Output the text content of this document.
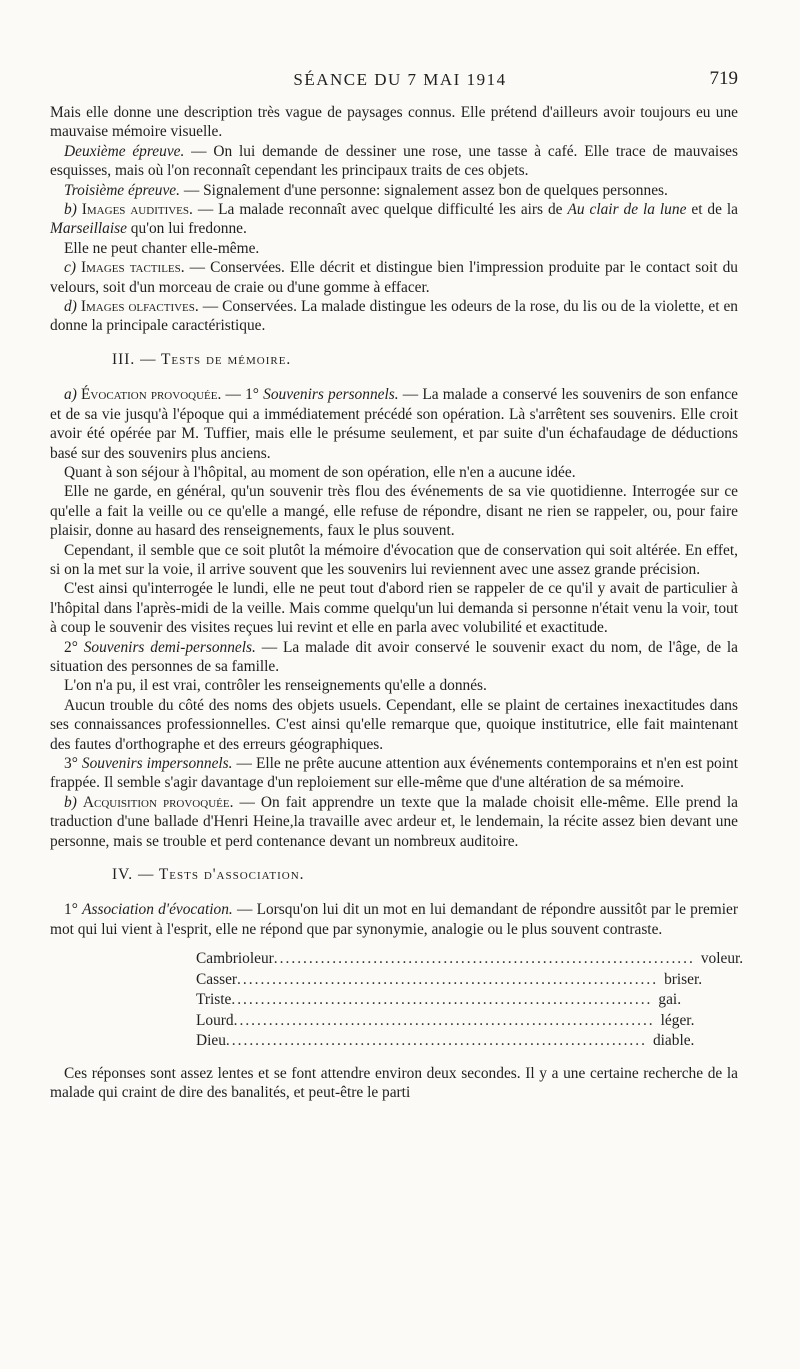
SÉANCE DU 7 MAI 1914	719

Mais elle donne une description très vague de paysages connus. Elle prétend d'ailleurs avoir toujours eu une mauvaise mémoire visuelle.

Deuxième épreuve. — On lui demande de dessiner une rose, une tasse à café. Elle trace de mauvaises esquisses, mais où l'on reconnaît cependant les principaux traits de ces objets.

Troisième épreuve. — Signalement d'une personne: signalement assez bon de quelques personnes.

b) Images auditives. — La malade reconnaît avec quelque difficulté les airs de Au clair de la lune et de la Marseillaise qu'on lui fredonne.

Elle ne peut chanter elle-même.

c) Images tactiles. — Conservées. Elle décrit et distingue bien l'impression produite par le contact soit du velours, soit d'un morceau de craie ou d'une gomme à effacer.

d) Images olfactives. — Conservées. La malade distingue les odeurs de la rose, du lis ou de la violette, et en donne la principale caractéristique.

III. — Tests de mémoire.

a) Évocation provoquée. — 1° Souvenirs personnels. — La malade a conservé les souvenirs de son enfance et de sa vie jusqu'à l'époque qui a immédiatement précédé son opération. Là s'arrêtent ses souvenirs. Elle croit avoir été opérée par M. Tuffier, mais elle le présume seulement, et par suite d'un échafaudage de déductions basé sur des souvenirs plus anciens.

Quant à son séjour à l'hôpital, au moment de son opération, elle n'en a aucune idée.

Elle ne garde, en général, qu'un souvenir très flou des événements de sa vie quotidienne. Interrogée sur ce qu'elle a fait la veille ou ce qu'elle a mangé, elle refuse de répondre, disant ne rien se rappeler, ou, pour faire plaisir, donne au hasard des renseignements, faux le plus souvent.

Cependant, il semble que ce soit plutôt la mémoire d'évocation que de conservation qui soit altérée. En effet, si on la met sur la voie, il arrive souvent que les souvenirs lui reviennent avec une assez grande précision.

C'est ainsi qu'interrogée le lundi, elle ne peut tout d'abord rien se rappeler de ce qu'il y avait de particulier à l'hôpital dans l'après-midi de la veille. Mais comme quelqu'un lui demanda si personne n'était venu la voir, tout à coup le souvenir des visites reçues lui revint et elle en parla avec volubilité et exactitude.

2° Souvenirs demi-personnels. — La malade dit avoir conservé le souvenir exact du nom, de l'âge, de la situation des personnes de sa famille.

L'on n'a pu, il est vrai, contrôler les renseignements qu'elle a donnés.

Aucun trouble du côté des noms des objets usuels. Cependant, elle se plaint de certaines inexactitudes dans ses connaissances professionnelles. C'est ainsi qu'elle remarque que, quoique institutrice, elle fait maintenant des fautes d'orthographe et des erreurs géographiques.

3° Souvenirs impersonnels. — Elle ne prête aucune attention aux événements contemporains et n'en est point frappée. Il semble s'agir davantage d'un reploiement sur elle-même que d'une altération de sa mémoire.

b) Acquisition provoquée. — On fait apprendre un texte que la malade choisit elle-même. Elle prend la traduction d'une ballade d'Henri Heine,la travaille avec ardeur et, le lendemain, la récite assez bien devant une personne, mais se trouble et perd contenance devant un nombreux auditoire.

IV. — Tests d'association.

1° Association d'évocation. — Lorsqu'on lui dit un mot en lui demandant de répondre aussitôt par le premier mot qui lui vient à l'esprit, elle ne répond que par synonymie, analogie ou le plus souvent contraste.

Cambrioleur ........................................................................ voleur.
Casser ........................................................................ briser.
Triste ........................................................................ gai.
Lourd ........................................................................ léger.
Dieu ........................................................................ diable.

Ces réponses sont assez lentes et se font attendre environ deux secondes. Il y a une certaine recherche de la malade qui craint de dire des banalités, et peut-être le parti
